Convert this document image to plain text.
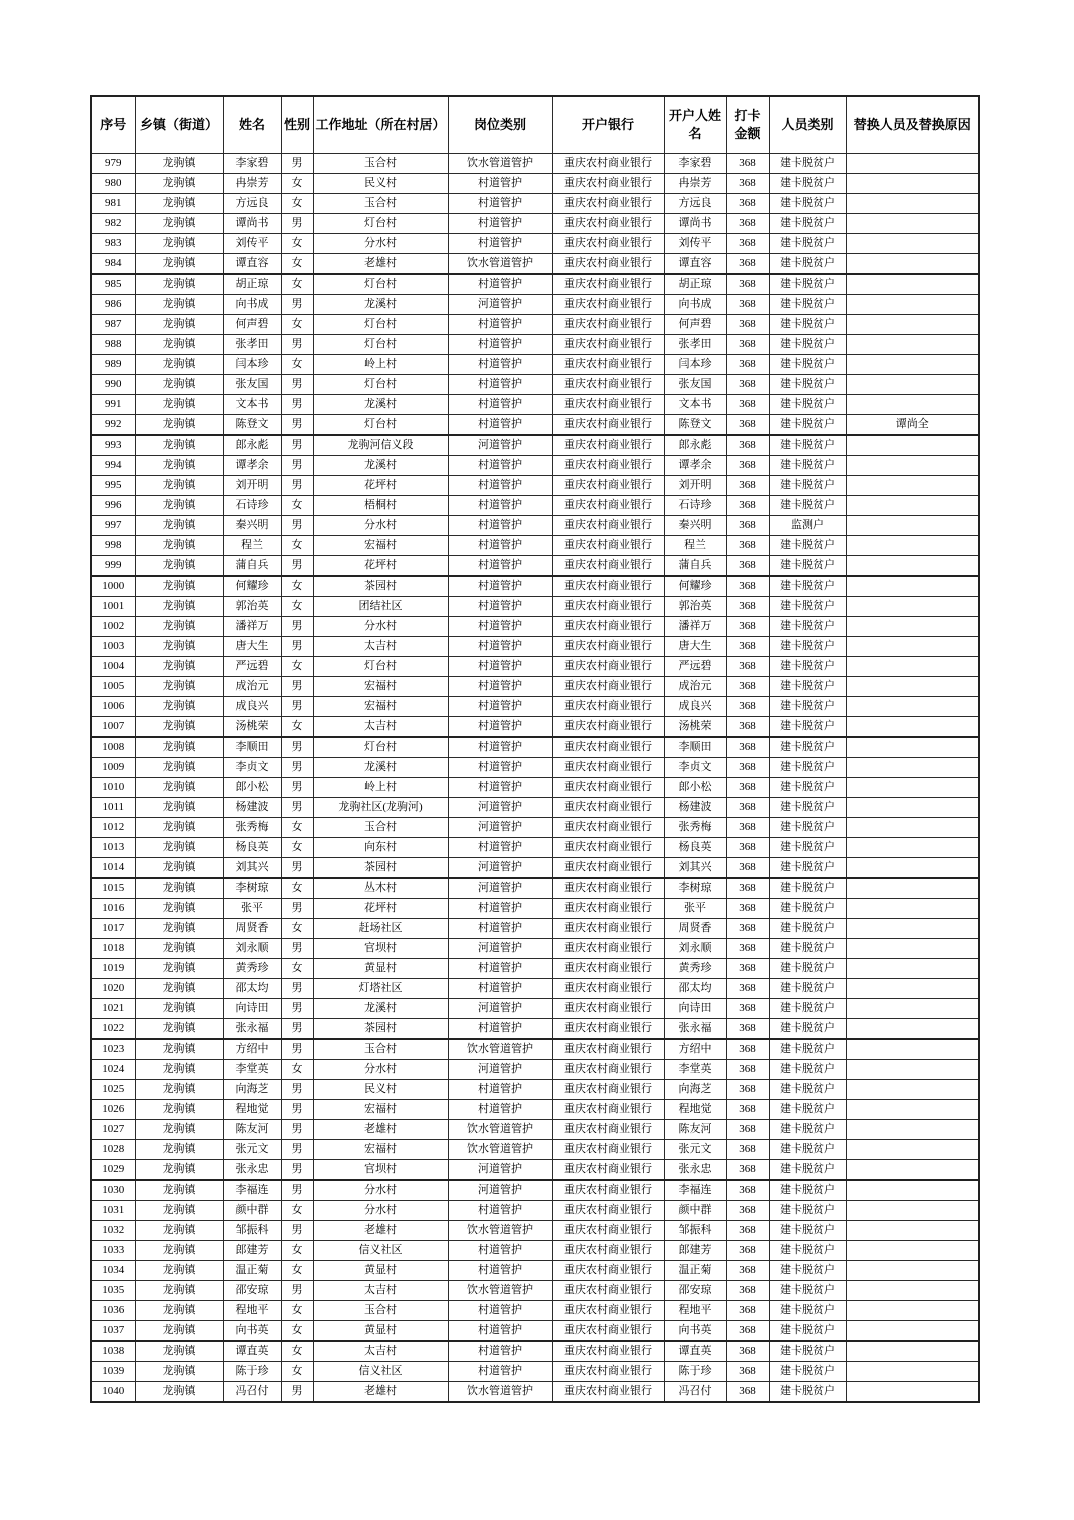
序号	乡镇（街道）	姓名	性别	工作地址（所在村居）	岗位类别	开户银行	开户人姓名	打卡金额	人员类别	替换人员及替换原因
979	龙驹镇	李家碧	男	玉合村	饮水管道管护	重庆农村商业银行	李家碧	368	建卡脱贫户	
980	龙驹镇	冉崇芳	女	民义村	村道管护	重庆农村商业银行	冉崇芳	368	建卡脱贫户	
981	龙驹镇	方远良	女	玉合村	村道管护	重庆农村商业银行	方远良	368	建卡脱贫户	
982	龙驹镇	谭尚书	男	灯台村	村道管护	重庆农村商业银行	谭尚书	368	建卡脱贫户	
983	龙驹镇	刘传平	女	分水村	村道管护	重庆农村商业银行	刘传平	368	建卡脱贫户	
984	龙驹镇	谭直容	女	老雄村	饮水管道管护	重庆农村商业银行	谭直容	368	建卡脱贫户	
985	龙驹镇	胡正琼	女	灯台村	村道管护	重庆农村商业银行	胡正琼	368	建卡脱贫户	
986	龙驹镇	向书成	男	龙溪村	河道管护	重庆农村商业银行	向书成	368	建卡脱贫户	
987	龙驹镇	何声碧	女	灯台村	村道管护	重庆农村商业银行	何声碧	368	建卡脱贫户	
988	龙驹镇	张孝田	男	灯台村	村道管护	重庆农村商业银行	张孝田	368	建卡脱贫户	
989	龙驹镇	闫本珍	女	岭上村	村道管护	重庆农村商业银行	闫本珍	368	建卡脱贫户	
990	龙驹镇	张友国	男	灯台村	村道管护	重庆农村商业银行	张友国	368	建卡脱贫户	
991	龙驹镇	文本书	男	龙溪村	村道管护	重庆农村商业银行	文本书	368	建卡脱贫户	
992	龙驹镇	陈登文	男	灯台村	村道管护	重庆农村商业银行	陈登文	368	建卡脱贫户	谭尚全
993	龙驹镇	郎永彪	男	龙驹河信义段	河道管护	重庆农村商业银行	郎永彪	368	建卡脱贫户	
994	龙驹镇	谭孝余	男	龙溪村	村道管护	重庆农村商业银行	谭孝余	368	建卡脱贫户	
995	龙驹镇	刘开明	男	花坪村	村道管护	重庆农村商业银行	刘开明	368	建卡脱贫户	
996	龙驹镇	石诗珍	女	梧桐村	村道管护	重庆农村商业银行	石诗珍	368	建卡脱贫户	
997	龙驹镇	秦兴明	男	分水村	村道管护	重庆农村商业银行	秦兴明	368	监测户	
998	龙驹镇	程兰	女	宏福村	村道管护	重庆农村商业银行	程兰	368	建卡脱贫户	
999	龙驹镇	蒲自兵	男	花坪村	村道管护	重庆农村商业银行	蒲自兵	368	建卡脱贫户	
1000	龙驹镇	何耀珍	女	茶园村	村道管护	重庆农村商业银行	何耀珍	368	建卡脱贫户	
1001	龙驹镇	郭治英	女	团结社区	村道管护	重庆农村商业银行	郭治英	368	建卡脱贫户	
1002	龙驹镇	潘祥万	男	分水村	村道管护	重庆农村商业银行	潘祥万	368	建卡脱贫户	
1003	龙驹镇	唐大生	男	太吉村	村道管护	重庆农村商业银行	唐大生	368	建卡脱贫户	
1004	龙驹镇	严远碧	女	灯台村	村道管护	重庆农村商业银行	严远碧	368	建卡脱贫户	
1005	龙驹镇	成治元	男	宏福村	村道管护	重庆农村商业银行	成治元	368	建卡脱贫户	
1006	龙驹镇	成良兴	男	宏福村	村道管护	重庆农村商业银行	成良兴	368	建卡脱贫户	
1007	龙驹镇	汤桃荣	女	太吉村	村道管护	重庆农村商业银行	汤桃荣	368	建卡脱贫户	
1008	龙驹镇	李顺田	男	灯台村	村道管护	重庆农村商业银行	李顺田	368	建卡脱贫户	
1009	龙驹镇	李贞文	男	龙溪村	村道管护	重庆农村商业银行	李贞文	368	建卡脱贫户	
1010	龙驹镇	郎小松	男	岭上村	村道管护	重庆农村商业银行	郎小松	368	建卡脱贫户	
1011	龙驹镇	杨建波	男	龙驹社区(龙驹河)	河道管护	重庆农村商业银行	杨建波	368	建卡脱贫户	
1012	龙驹镇	张秀梅	女	玉合村	河道管护	重庆农村商业银行	张秀梅	368	建卡脱贫户	
1013	龙驹镇	杨良英	女	向东村	村道管护	重庆农村商业银行	杨良英	368	建卡脱贫户	
1014	龙驹镇	刘其兴	男	茶园村	河道管护	重庆农村商业银行	刘其兴	368	建卡脱贫户	
1015	龙驹镇	李树琼	女	丛木村	河道管护	重庆农村商业银行	李树琼	368	建卡脱贫户	
1016	龙驹镇	张平	男	花坪村	村道管护	重庆农村商业银行	张平	368	建卡脱贫户	
1017	龙驹镇	周贤香	女	赶场社区	村道管护	重庆农村商业银行	周贤香	368	建卡脱贫户	
1018	龙驹镇	刘永顺	男	官坝村	河道管护	重庆农村商业银行	刘永顺	368	建卡脱贫户	
1019	龙驹镇	黄秀珍	女	黄显村	村道管护	重庆农村商业银行	黄秀珍	368	建卡脱贫户	
1020	龙驹镇	邵太均	男	灯塔社区	村道管护	重庆农村商业银行	邵太均	368	建卡脱贫户	
1021	龙驹镇	向诗田	男	龙溪村	河道管护	重庆农村商业银行	向诗田	368	建卡脱贫户	
1022	龙驹镇	张永福	男	茶园村	村道管护	重庆农村商业银行	张永福	368	建卡脱贫户	
1023	龙驹镇	方绍中	男	玉合村	饮水管道管护	重庆农村商业银行	方绍中	368	建卡脱贫户	
1024	龙驹镇	李堂英	女	分水村	河道管护	重庆农村商业银行	李堂英	368	建卡脱贫户	
1025	龙驹镇	向海芝	男	民义村	村道管护	重庆农村商业银行	向海芝	368	建卡脱贫户	
1026	龙驹镇	程地觉	男	宏福村	村道管护	重庆农村商业银行	程地觉	368	建卡脱贫户	
1027	龙驹镇	陈友河	男	老雄村	饮水管道管护	重庆农村商业银行	陈友河	368	建卡脱贫户	
1028	龙驹镇	张元文	男	宏福村	饮水管道管护	重庆农村商业银行	张元文	368	建卡脱贫户	
1029	龙驹镇	张永忠	男	官坝村	河道管护	重庆农村商业银行	张永忠	368	建卡脱贫户	
1030	龙驹镇	李福连	男	分水村	河道管护	重庆农村商业银行	李福连	368	建卡脱贫户	
1031	龙驹镇	颜中群	女	分水村	村道管护	重庆农村商业银行	颜中群	368	建卡脱贫户	
1032	龙驹镇	邹振科	男	老雄村	饮水管道管护	重庆农村商业银行	邹振科	368	建卡脱贫户	
1033	龙驹镇	郎建芳	女	信义社区	村道管护	重庆农村商业银行	郎建芳	368	建卡脱贫户	
1034	龙驹镇	温正菊	女	黄显村	村道管护	重庆农村商业银行	温正菊	368	建卡脱贫户	
1035	龙驹镇	邵安琼	男	太吉村	饮水管道管护	重庆农村商业银行	邵安琼	368	建卡脱贫户	
1036	龙驹镇	程地平	女	玉合村	村道管护	重庆农村商业银行	程地平	368	建卡脱贫户	
1037	龙驹镇	向书英	女	黄显村	村道管护	重庆农村商业银行	向书英	368	建卡脱贫户	
1038	龙驹镇	谭直英	女	太吉村	村道管护	重庆农村商业银行	谭直英	368	建卡脱贫户	
1039	龙驹镇	陈于珍	女	信义社区	村道管护	重庆农村商业银行	陈于珍	368	建卡脱贫户	
1040	龙驹镇	冯召付	男	老雄村	饮水管道管护	重庆农村商业银行	冯召付	368	建卡脱贫户	
